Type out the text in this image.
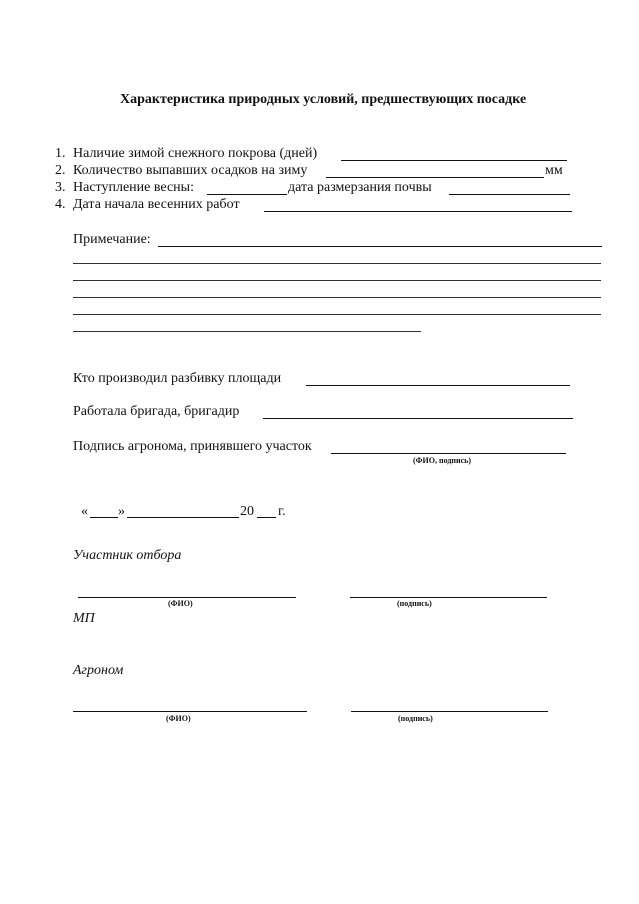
Характеристика природных условий, предшествующих посадке
1. Наличие зимой снежного покрова (дней)
2. Количество выпавших осадков на зиму	мм
3. Наступление весны:	дата размерзания почвы
4. Дата начала весенних работ
Примечание:
Кто производил разбивку площади
Работала бригада, бригадир
Подпись агронома, принявшего участок
(ФИО, подпись)
« »	20 г.
Участник отбора
(ФИО)	(подпись)
МП
Агроном
(ФИО)	(подпись)
